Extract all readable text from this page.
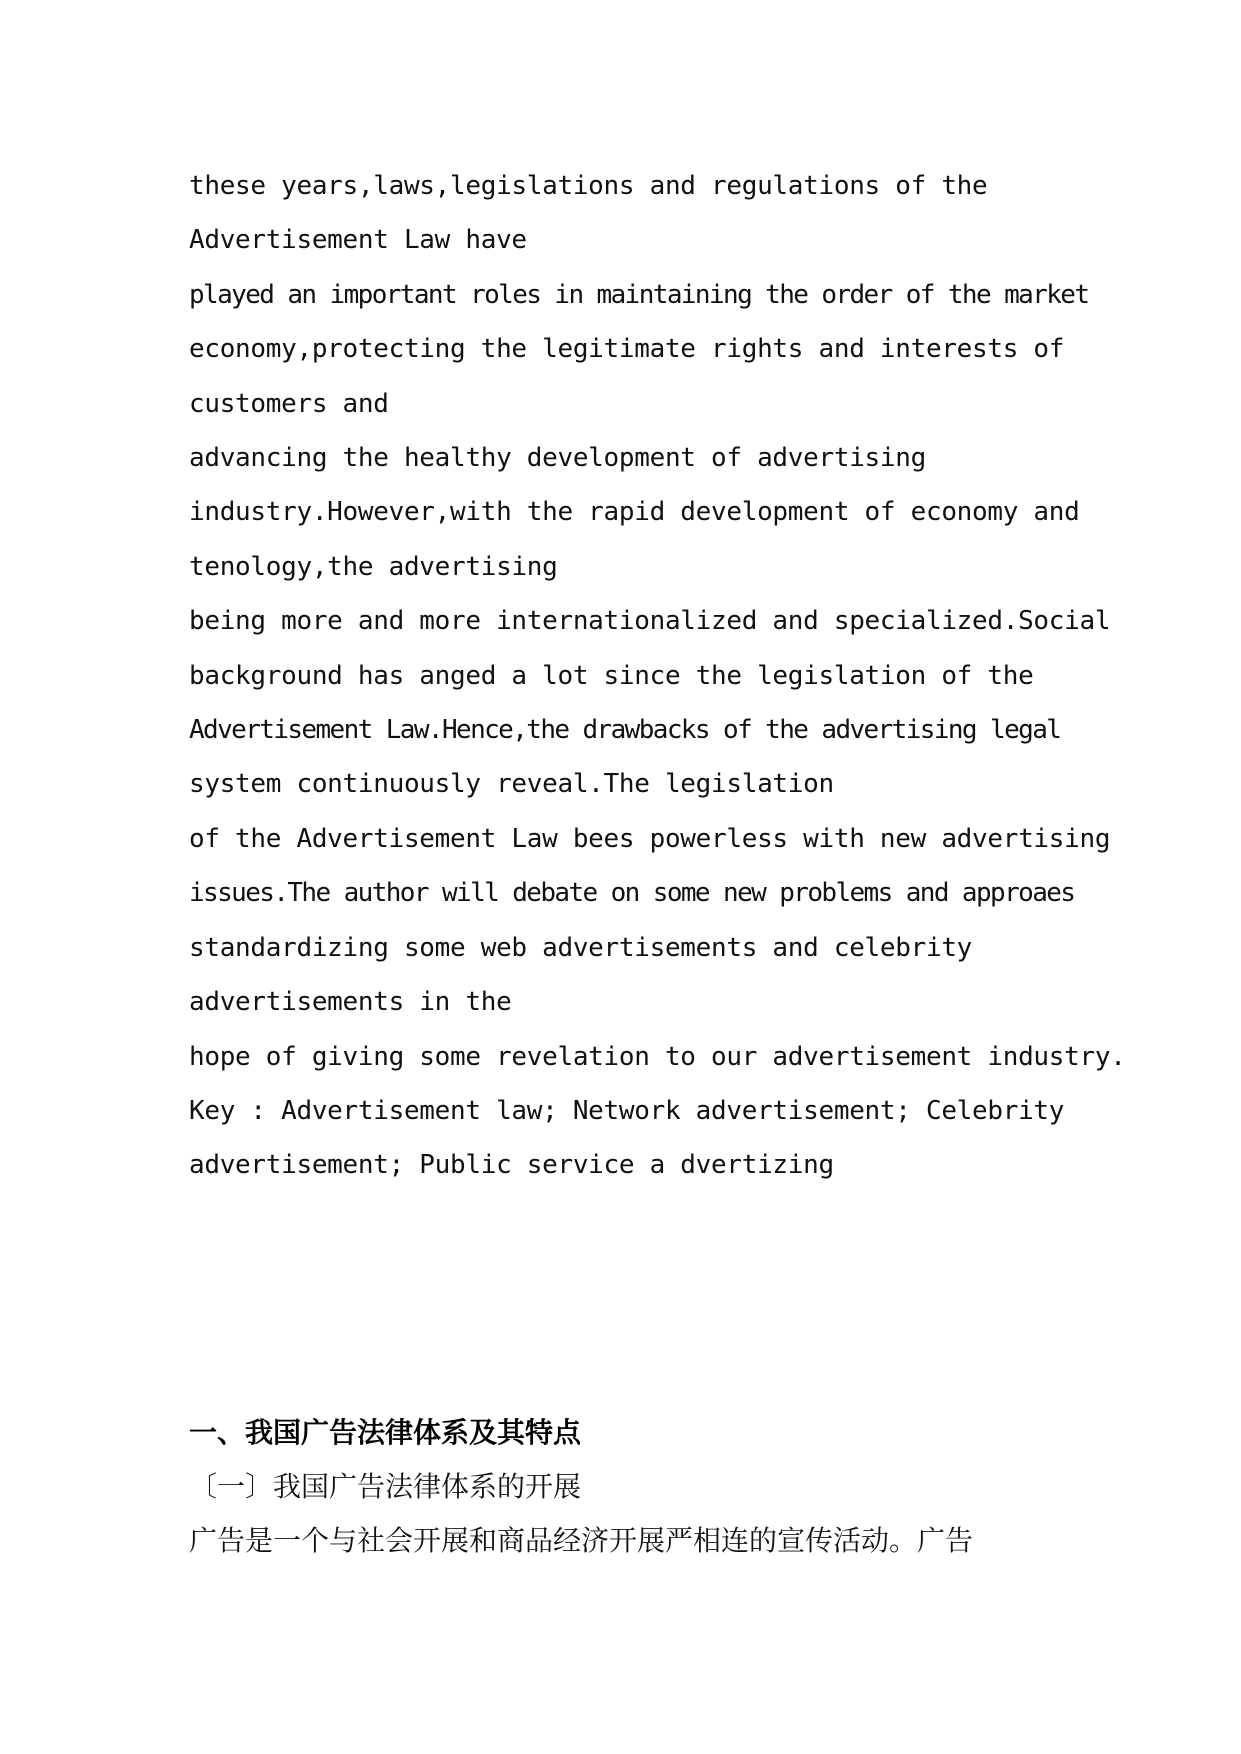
these years,laws,legislations and regulations of the
Advertisement Law have
played an important roles in maintaining the order of the market
economy,protecting the legitimate rights and interests of
customers and
advancing the healthy development of advertising
industry.However,with the rapid development of economy and
tenology,the advertising
being more and more internationalized and specialized.Social
background has anged a lot since the legislation of the
Advertisement Law.Hence,the drawbacks of the advertising legal
system continuously reveal.The legislation
of the Advertisement Law bees powerless with new advertising
issues.The author will debate on some new problems and approaes
standardizing some web advertisements and celebrity
advertisements in the
hope of giving some revelation to our advertisement industry.
Key : Advertisement law; Network advertisement; Celebrity
advertisement; Public service a dvertizing
一、我国广告法律体系及其特点
〔一〕我国广告法律体系的开展
广告是一个与社会开展和商品经济开展严相连的宣传活动。广告
